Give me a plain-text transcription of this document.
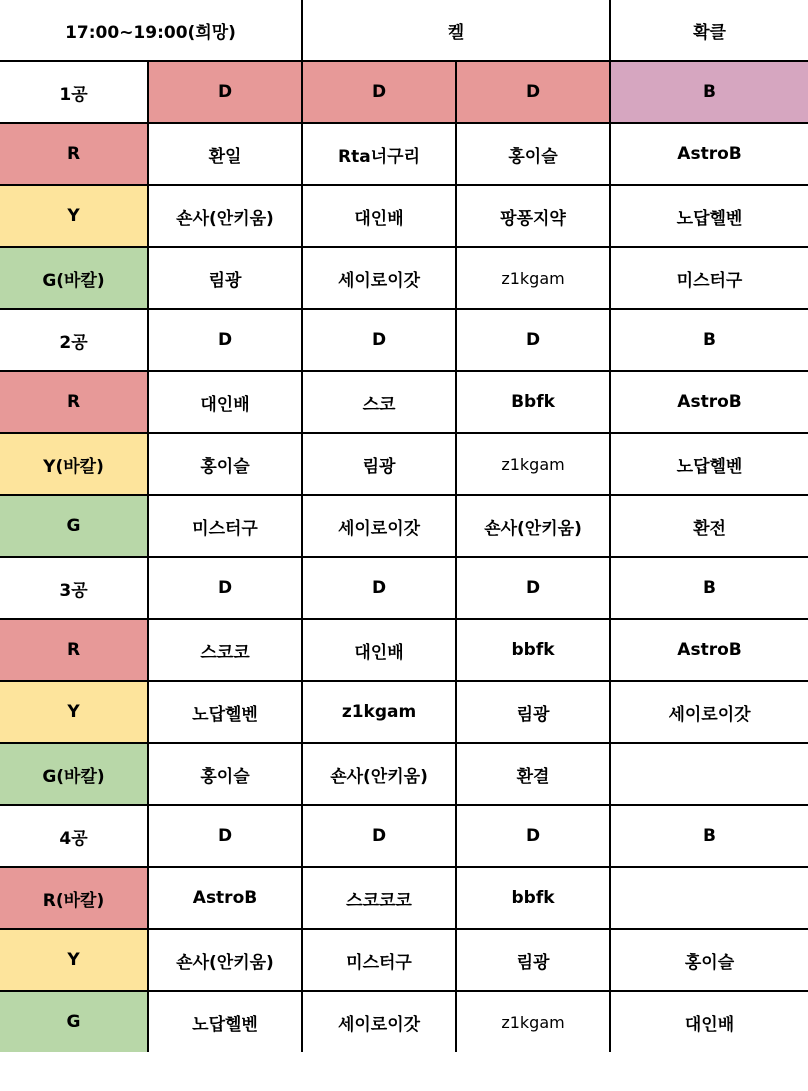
17:00~19:00(희망)		켈		확클
1공	D	D	D	B
R	환일	Rta너구리	홍이슬	AstroB
Y	숀사(안키움)	대인배	팡퐁지약	노답헬벤
G(바칼)	림광	세이로이갓	z1kgam	미스터구
2공	D	D	D	B
R	대인배	스코	Bbfk	AstroB
Y(바칼)	홍이슬	림광	z1kgam	노답헬벤
G	미스터구	세이로이갓	숀사(안키움)	환전
3공	D	D	D	B
R	스코코	대인배	bbfk	AstroB
Y	노답헬벤	z1kgam	림광	세이로이갓
G(바칼)	홍이슬	숀사(안키움)	환결	
4공	D	D	D	B
R(바칼)	AstroB	스코코코	bbfk	
Y	숀사(안키움)	미스터구	림광	홍이슬
G	노답헬벤	세이로이갓	z1kgam	대인배
